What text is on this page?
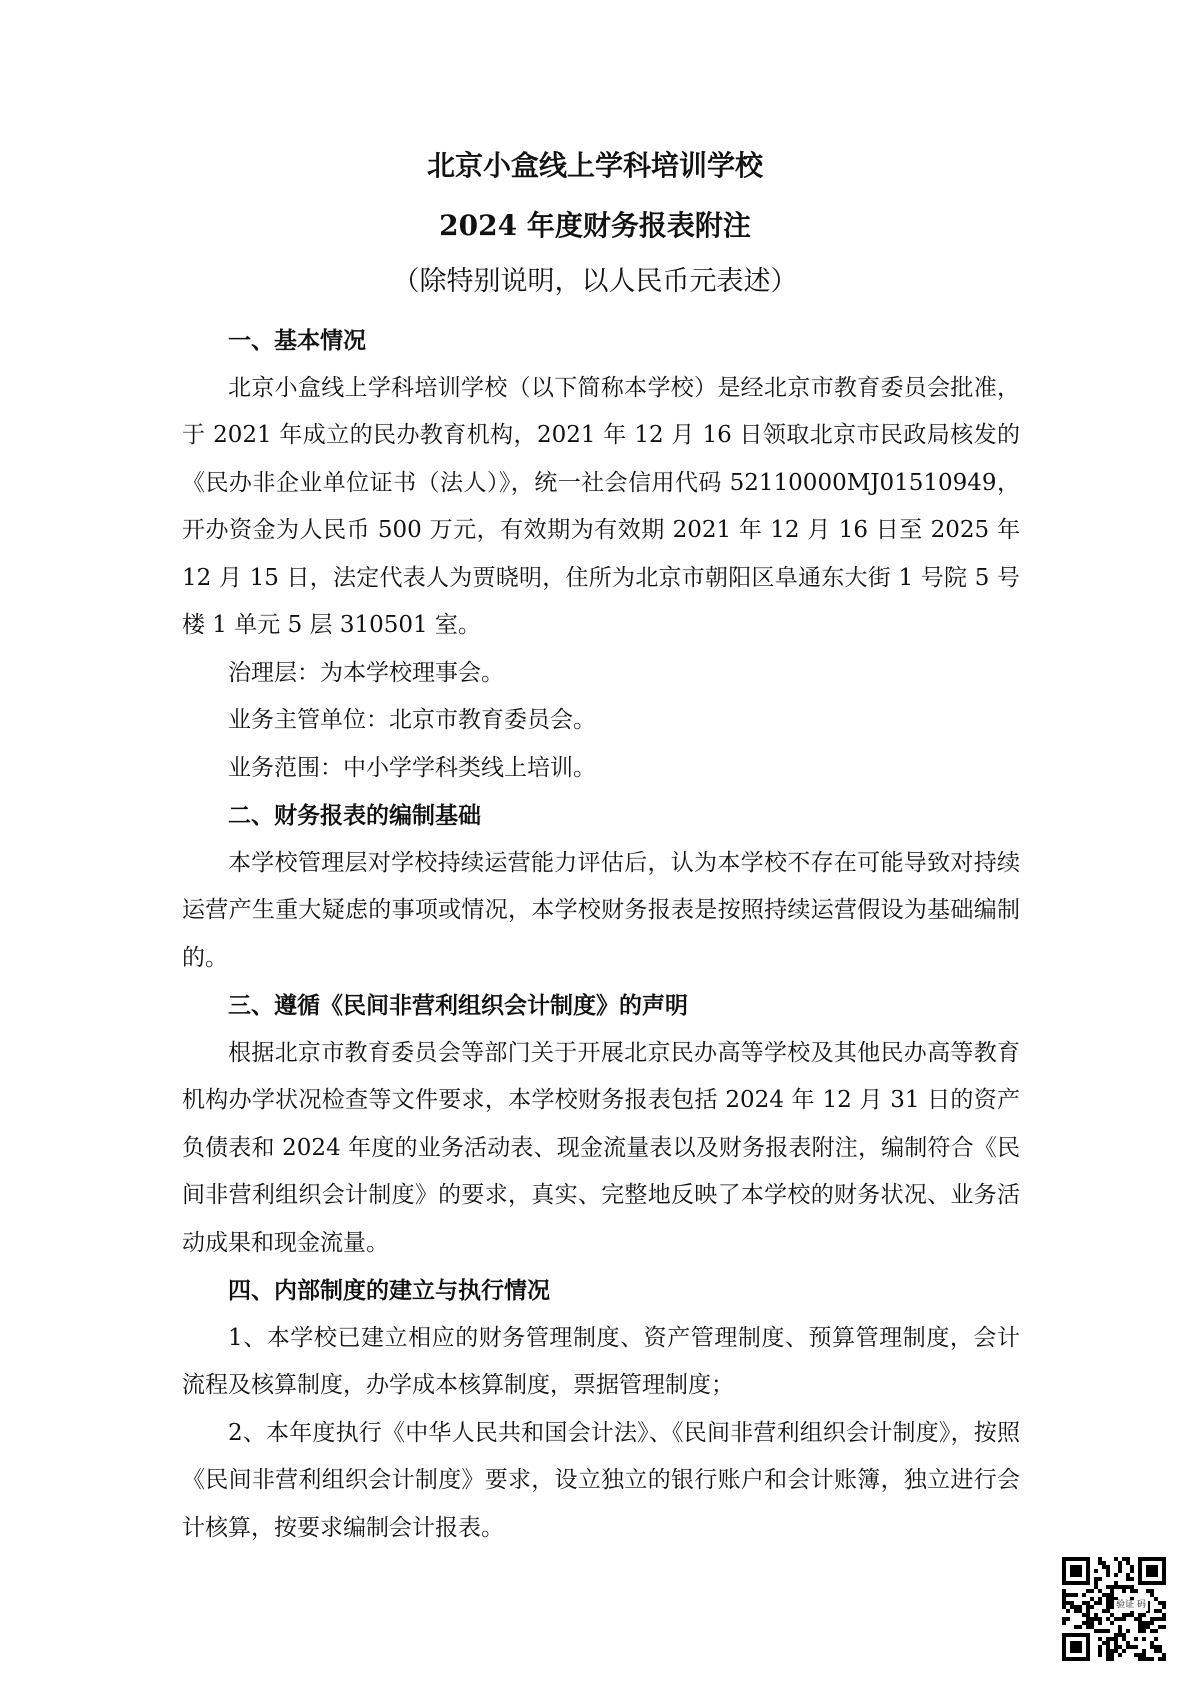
北京小盒线上学科培训学校
2024 年度财务报表附注
（除特别说明，以人民币元表述）
一、基本情况

北京小盒线上学科培训学校（以下简称本学校）是经北京市教育委员会批准，于 2021 年成立的民办教育机构，2021 年 12 月 16 日领取北京市民政局核发的《民办非企业单位证书（法人）》，统一社会信用代码 52110000MJ01510949，开办资金为人民币 500 万元，有效期为有效期 2021 年 12 月 16 日至 2025 年 12 月 15 日，法定代表人为贾晓明，住所为北京市朝阳区阜通东大街 1 号院 5 号楼 1 单元 5 层 310501 室。

治理层：为本学校理事会。

业务主管单位：北京市教育委员会。

业务范围：中小学学科类线上培训。

二、财务报表的编制基础

本学校管理层对学校持续运营能力评估后，认为本学校不存在可能导致对持续运营产生重大疑虑的事项或情况，本学校财务报表是按照持续运营假设为基础编制的。

三、遵循《民间非营利组织会计制度》的声明

根据北京市教育委员会等部门关于开展北京民办高等学校及其他民办高等教育机构办学状况检查等文件要求，本学校财务报表包括 2024 年 12 月 31 日的资产负债表和 2024 年度的业务活动表、现金流量表以及财务报表附注，编制符合《民间非营利组织会计制度》的要求，真实、完整地反映了本学校的财务状况、业务活动成果和现金流量。

四、内部制度的建立与执行情况

1、本学校已建立相应的财务管理制度、资产管理制度、预算管理制度，会计流程及核算制度，办学成本核算制度，票据管理制度；

2、本年度执行《中华人民共和国会计法》、《民间非营利组织会计制度》，按照《民间非营利组织会计制度》要求，设立独立的银行账户和会计账簿，独立进行会计核算，按要求编制会计报表。

验证 码
